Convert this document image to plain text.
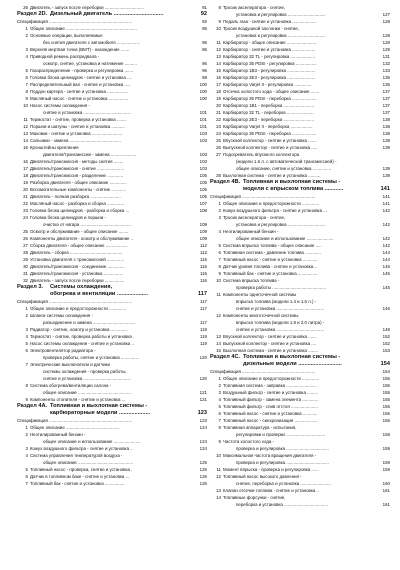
26 Двигатель - запуск после переборки ................................	91
Раздел 2D. Дизельный двигатель ................................	92
Спецификация ....................................................................	92
1 Общее описание ..........................................................	95
2 Основные операции, выполняемые
без снятия двигателя с автомобиля ...................	96
3 Верхняя мертвая точка (ВМТ) - нахождение .......	96
4 Приводной ремень распредвала -
осмотр, снятие, установка и натяжение ..........	96
5 Газораспределение - проверка и регулировка .......	96
6 Головка блока цилиндров - снятие и установка ....	98
7 Распределительный вал - снятие и установка .....	100
8 Поддон картера - снятие и установка .................	100
9 Масляный насос - снятие и установка ................	100
10 Насос системы охлаждения -
снятие и установка .......................................	101
11 Термостат - снятие, проверка и установка ........	101
12 Поршни и шатуны - снятие и установка ...........	101
13 Маховик - снятие и установка .........................	103
14 Сальники - замена ..........................................	103
15 Кронштейны крепления
двигателя/трансмиссии - замена .....................	103
16 Двигатель/трансмиссия - методы снятия ........	103
17 Двигатель/трансмиссия - снятие ......................	103
18 Двигатель/трансмиссия - разделение .............	105
19 Разборка двигателя - общее описание ..............	105
20 Вспомогательные компоненты - снятие ............	105
21 Двигатель - полная разборка .........................	105
22 Масляный насос - разборка и сборка ..............	107
23 Головка блока цилиндров - разборка и сборка ...	108
24 Головка блока цилиндров и поршни -
очистка от нагара ..........................................	109
25 Осмотр и обслуживание - общее описание ........	109
26 Компоненты двигателя - осмотр и обслуживание ..	109
27 Сборка двигателя - общее описание ..................	112
28 Двигатель - сборка ...........................................	112
29 Установка двигателя с трансмиссией ..............	115
30 Двигатель/трансмиссия - соединение ..............	116
31 Двигатель/трансмиссия - установка ................	116
32 Двигатель - запуск после переборки ................	116
Раздел 3.	Системы охлаждения,
обогрева и вентиляции ....................	117
Спецификация ....................................................................	117
1 Общее описание и предосторожности ..............	117
2 Шланги системы охлаждения -
разъединение и замена ...................................	117
3 Радиатор - снятие, осмотр и установка ..............	118
4 Термостат - снятие, проверка работы и установка .	119
5 Насос системы охлаждения - снятие и установка ..	119
6 Электровентилятор радиатора -
проверка работы, снятие и установка ...............	120
7 Электрические выключатели и датчики
системы охлаждения - проверка работы,
снятие и установка .......................................	120
8 Система обогрева/вентиляции салона -
общее описание ............................................	121
9 Компоненты отопителя - снятие и установка ...	121
Раздел 4А. Топливная и выхлопная системы -
карбюраторные модели ....................	123
Спецификация ....................................................................	123
1 Общее описание ............................................	124
2 Неэтилированный бензин -
общее описание и использование ......................	124
3 Кожух воздушного фильтра - снятие и установка ..	124
4 Система управления температурой воздуха -
общее описание .............................................	125
5 Топливный насос - проверка, снятие и установка .	125
6 Датчик в топливном баке - снятие и установка ...	126
7 Топливный бак - снятие и установка ................	126
8 Тросик акселератора - снятие,
установка и регулировка ...............................	127
9 Педаль газа - снятие и установка ....................	128
10 Тросик воздушной заслонки - снятие,
установка и регулировка ...............................	128
11 Карбюратор - общее описание ........................	128
12 Карбюратор - снятие и установка ...................	129
13 Карбюратор 32 TL - регулировка ....................	131
14 Карбюратор 35 PDSI - регулировка .................	132
15 Карбюратор 1В3 - регулировка .......................	133
16 Карбюратор 2Е3 - регулировка .......................	135
17 Карбюратор Varjet II - регулировка ..............	135
18 Отсечка холостого хода - общее описание .......	137
19 Карбюратор 35 PDSI - переборка ....................	137
20 Карбюратор 1В1 - переборка .........................	137
21 Карбюратор 32 TL - переборка ......................	137
22 Карбюратор 2Е3 - переборка .........................	138
23 Карбюратор Varjet II - переборка ..................	138
24 Карбюратор 35 PDSI - переборка ....................	138
25 Впускной коллектор - снятие и установка .......	138
26 Выпускной коллектор - снятие и установка .....	139
27 Подогреватель впускного коллектора
(модели 1.6 л. с автоматической трансмиссией) -
общее описание, снятие и установка ...............	139
28 Выхлопная система - снятие и установка ..........	139
Раздел 4B. Топливная и выхлопная системы -
модели с впрыском топлива ............	141
Спецификация ............................................................	141
1 Общее описание и предосторожности ..............	141
2 Кожух воздушного фильтра - снятие и установка ...	142
3 Тросик акселератора - снятие,
установка и регулировка ...............................	142
4 Неэтилированный бензин -
общее описание и использование ......................	142
5 Система впрыска топлива - общее описание .....	142
6 Топливная система - давление топлива .............	144
7 Топливный насос - снятие и установка ............	144
8 Датчик уровня топлива - снятие и установка ..	145
9 Топливный бак - снятие и установка ................	145
10 Система впрыска топлива -
проверка работы ............................................	145
11 Компоненты однеточечной системы
впрыска топлива (модели 1.4 и 1.6 л.) -
снятие и установка .......................................	146
12 Компоненты многоточечной системы
впрыска топлива (модели 1.8 и 2.0 литра) -
снятие и установка .......................................	149
13 Впускной коллектор - снятие и установка .......	152
14 Выпускной коллектор - снятие и установка ....	152
15 Выхлопная система - снятие и установка ........	153
Раздел 4C. Топливная и выхлопная системы -
дизельные модели ............................	154
Спецификация ............................................................	154
1 Общее описание и предосторожности ..............	155
2 Топливная система - заправка .........................	155
3 Воздушный фильтр - снятие и установка .........	155
4 Топливный фильтр - замена элемента .............	155
5 Топливный фильтр - слив отстоя ......................	155
6 Топливный насос - снятие и установка ............	155
7 Топливный насос - синхронизация ...................	156
8 Топливная аппаратура - испытания,
регулировки и проверки ................................	158
9 Частота холостого хода -
проверка и регулировка ...................................	159
10 Максимальная частота вращения двигателя -
проверка и регулировка ...................................	159
11 Момент впрыска - проверка и регулировка ......	159
12 Топливный насос высокого давления -
снятие, переборка и установка .........................	160
13 Клапан отсечки топлива - снятие и установка ..	161
14 Топливные форсунки - снятие,
переборка и установка ....................................	161
